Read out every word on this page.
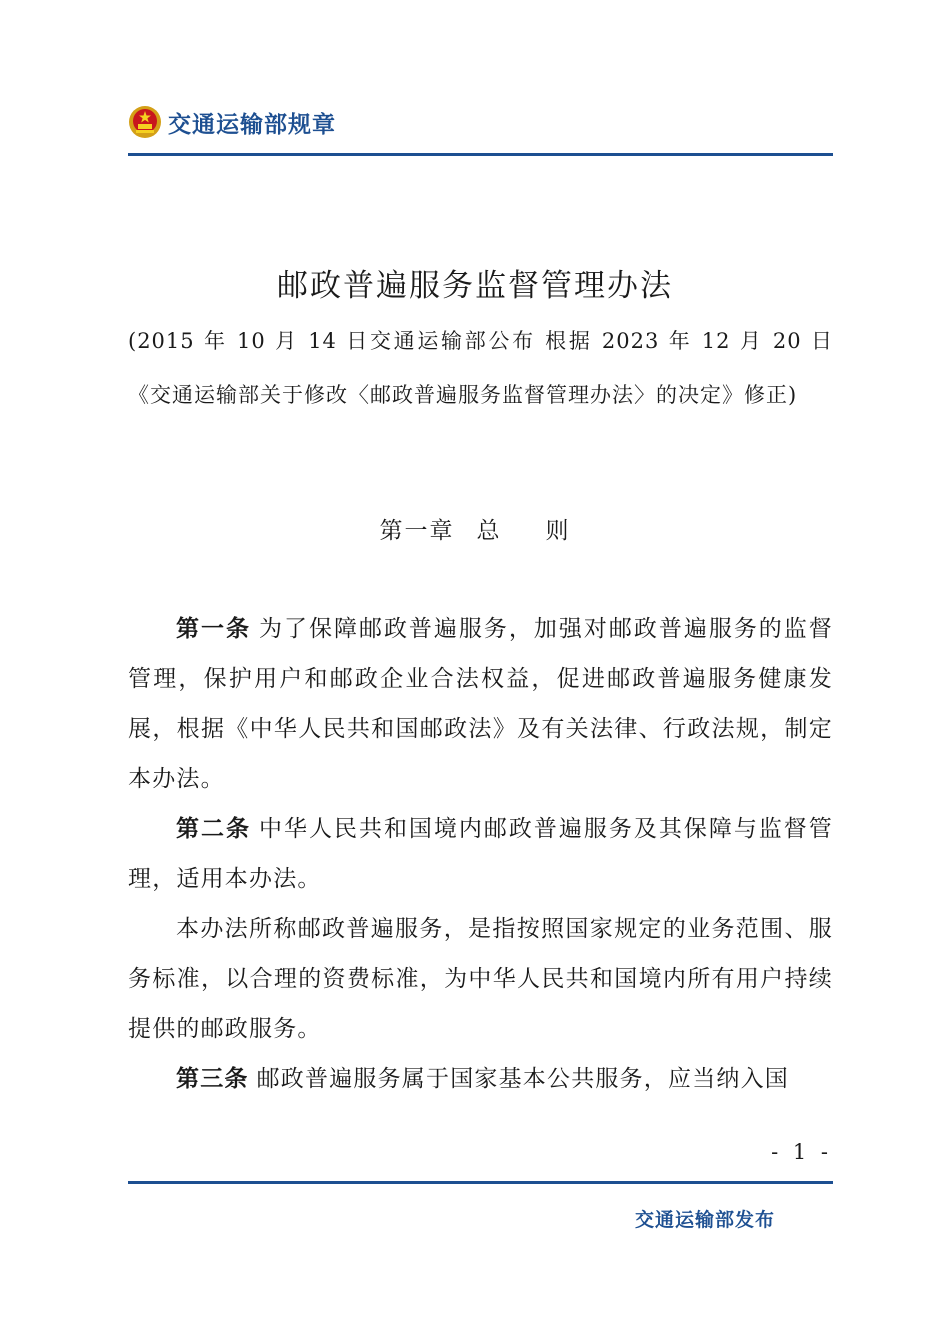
交通运输部规章
邮政普遍服务监督管理办法
(2015 年 10 月 14 日交通运输部公布 根据 2023 年 12 月 20 日《交通运输部关于修改〈邮政普遍服务监督管理办法〉的决定》修正)
第一章 总 则

第一条 为了保障邮政普遍服务，加强对邮政普遍服务的监督管理，保护用户和邮政企业合法权益，促进邮政普遍服务健康发展，根据《中华人民共和国邮政法》及有关法律、行政法规，制定本办法。

第二条 中华人民共和国境内邮政普遍服务及其保障与监督管理，适用本办法。

本办法所称邮政普遍服务，是指按照国家规定的业务范围、服务标准，以合理的资费标准，为中华人民共和国境内所有用户持续提供的邮政服务。

第三条 邮政普遍服务属于国家基本公共服务，应当纳入国

- 1 -
交通运输部发布
